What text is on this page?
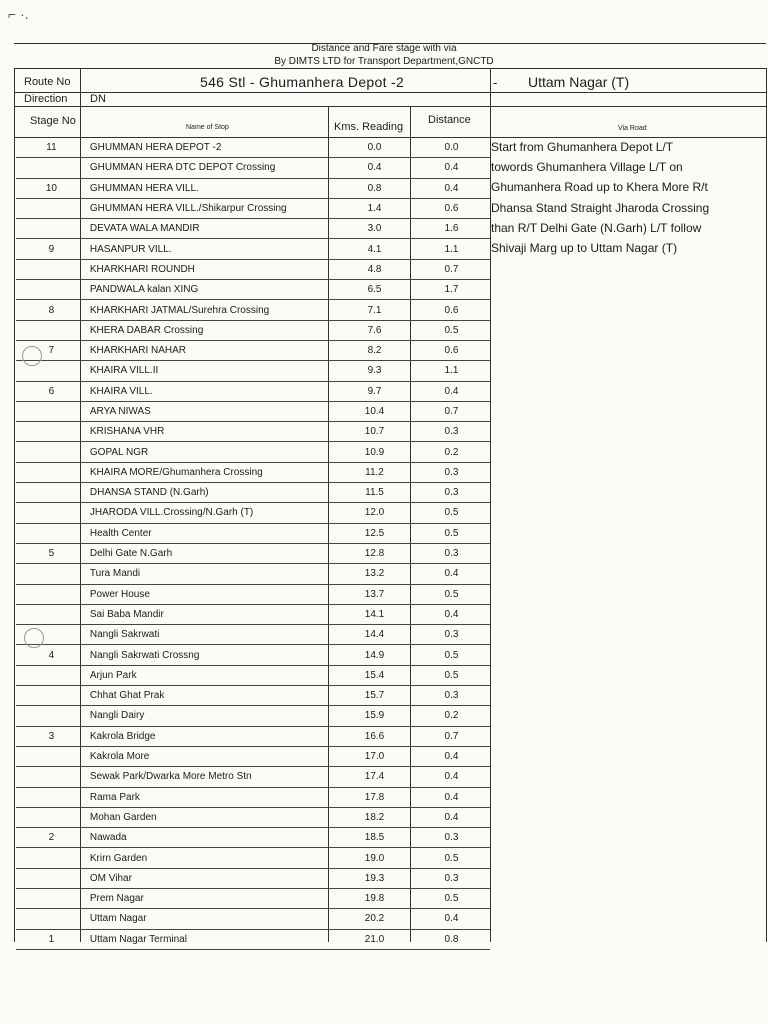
⌐ ·.
Distance and Fare stage with via
By DIMTS LTD for Transport Department,GNCTD
Route No	546 Stl - Ghumanhera Depot -2	- Uttam Nagar (T)
Direction DN
Stage No
Name of Stop	Kms. Reading
Distance
Via Road
11	GHUMMAN HERA DEPOT -2	0.0	0.0
	GHUMMAN HERA DTC DEPOT Crossing	0.4	0.4
10	GHUMMAN HERA VILL.	0.8	0.4
	GHUMMAN HERA VILL./Shikarpur Crossing	1.4	0.6
	DEVATA WALA MANDIR	3.0	1.6
9	HASANPUR VILL.	4.1	1.1
	KHARKHARI ROUNDH	4.8	0.7
	PANDWALA kalan XING	6.5	1.7
8	KHARKHARI JATMAL/Surehra Crossing	7.1	0.6
	KHERA DABAR Crossing	7.6	0.5
7	KHARKHARI NAHAR	8.2	0.6
	KHAIRA VILL.II	9.3	1.1
6	KHAIRA VILL.	9.7	0.4
	ARYA NIWAS	10.4	0.7
	KRISHANA VHR	10.7	0.3
	GOPAL NGR	10.9	0.2
	KHAIRA MORE/Ghumanhera Crossing	11.2	0.3
	DHANSA STAND (N.Garh)	11.5	0.3
	JHARODA VILL.Crossing/N.Garh (T)	12.0	0.5
	Health Center	12.5	0.5
5	Delhi Gate N.Garh	12.8	0.3
	Tura Mandi	13.2	0.4
	Power House	13.7	0.5
	Sai Baba Mandir	14.1	0.4
	Nangli Sakrwati	14.4	0.3
4	Nangli Sakrwati Crossng	14.9	0.5
	Arjun Park	15.4	0.5
	Chhat Ghat Prak	15.7	0.3
	Nangli Dairy	15.9	0.2
3	Kakrola Bridge	16.6	0.7
	Kakrola More	17.0	0.4
	Sewak Park/Dwarka More Metro Stn	17.4	0.4
	Rama Park	17.8	0.4
	Mohan Garden	18.2	0.4
2	Nawada	18.5	0.3
	Krirn Garden	19.0	0.5
	OM Vihar	19.3	0.3
	Prem Nagar	19.8	0.5
	Uttam Nagar	20.2	0.4
1	Uttam Nagar Terminal	21.0	0.8
Start from Ghumanhera Depot L/T
towords Ghumanhera Village L/T on
Ghumanhera Road up to Khera More R/t
Dhansa Stand Straight Jharoda Crossing
than R/T Delhi Gate (N.Garh) L/T follow
Shivaji Marg up to Uttam Nagar (T)
